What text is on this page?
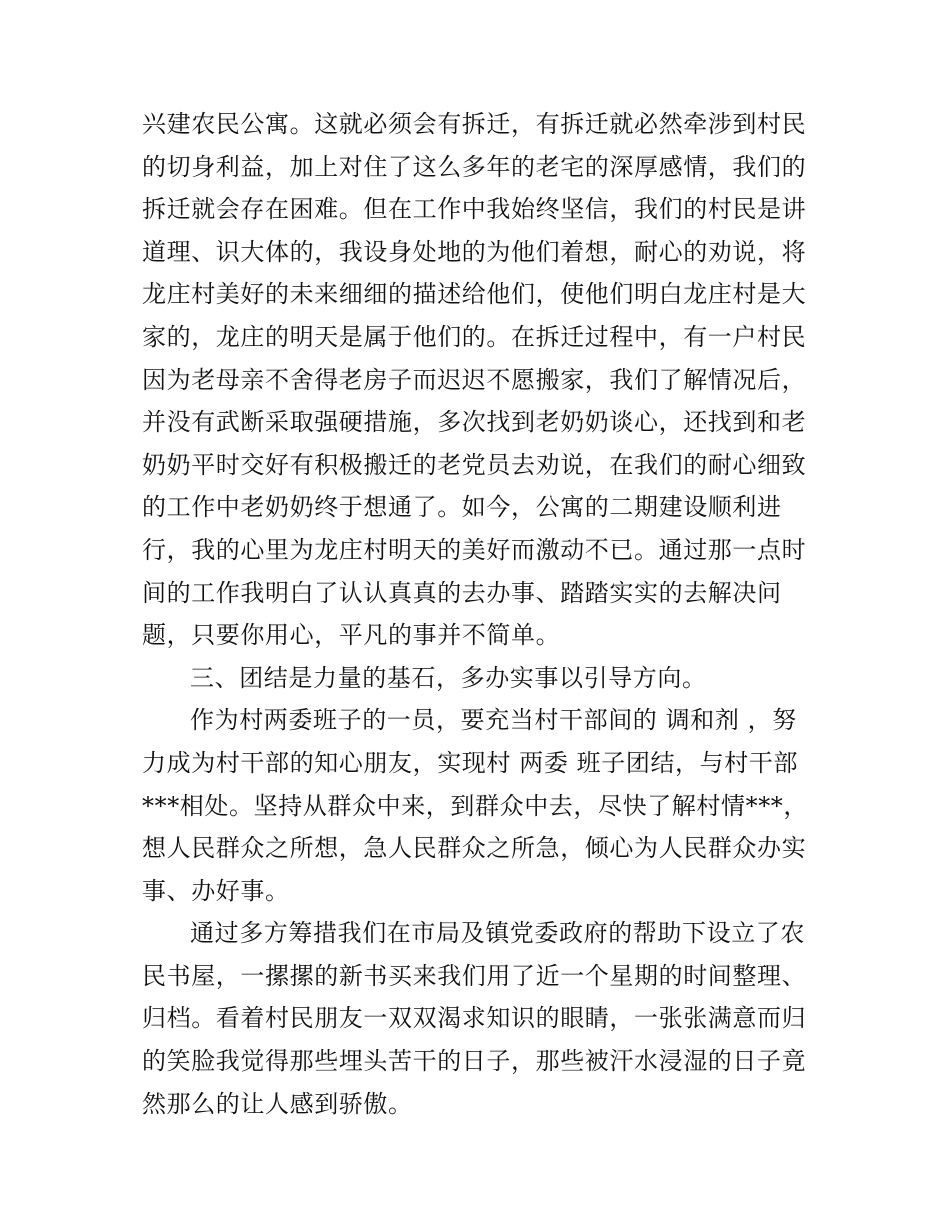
兴建农民公寓。这就必须会有拆迁，有拆迁就必然牵涉到村民
的切身利益，加上对住了这么多年的老宅的深厚感情，我们的
拆迁就会存在困难。但在工作中我始终坚信，我们的村民是讲
道理、识大体的，我设身处地的为他们着想，耐心的劝说，将
龙庄村美好的未来细细的描述给他们，使他们明白龙庄村是大
家的，龙庄的明天是属于他们的。在拆迁过程中，有一户村民
因为老母亲不舍得老房子而迟迟不愿搬家，我们了解情况后，
并没有武断采取强硬措施，多次找到老奶奶谈心，还找到和老
奶奶平时交好有积极搬迁的老党员去劝说，在我们的耐心细致
的工作中老奶奶终于想通了。如今，公寓的二期建设顺利进
行，我的心里为龙庄村明天的美好而激动不已。通过那一点时
间的工作我明白了认认真真的去办事、踏踏实实的去解决问
题，只要你用心，平凡的事并不简单。
三、团结是力量的基石，多办实事以引导方向。
作为村两委班子的一员，要充当村干部间的 调和剂 ，努
力成为村干部的知心朋友，实现村 两委 班子团结，与村干部
***相处。坚持从群众中来，到群众中去，尽快了解村情***，
想人民群众之所想，急人民群众之所急，倾心为人民群众办实
事、办好事。
通过多方筹措我们在市局及镇党委政府的帮助下设立了农
民书屋，一摞摞的新书买来我们用了近一个星期的时间整理、
归档。看着村民朋友一双双渴求知识的眼睛，一张张满意而归
的笑脸我觉得那些埋头苦干的日子，那些被汗水浸湿的日子竟
然那么的让人感到骄傲。
